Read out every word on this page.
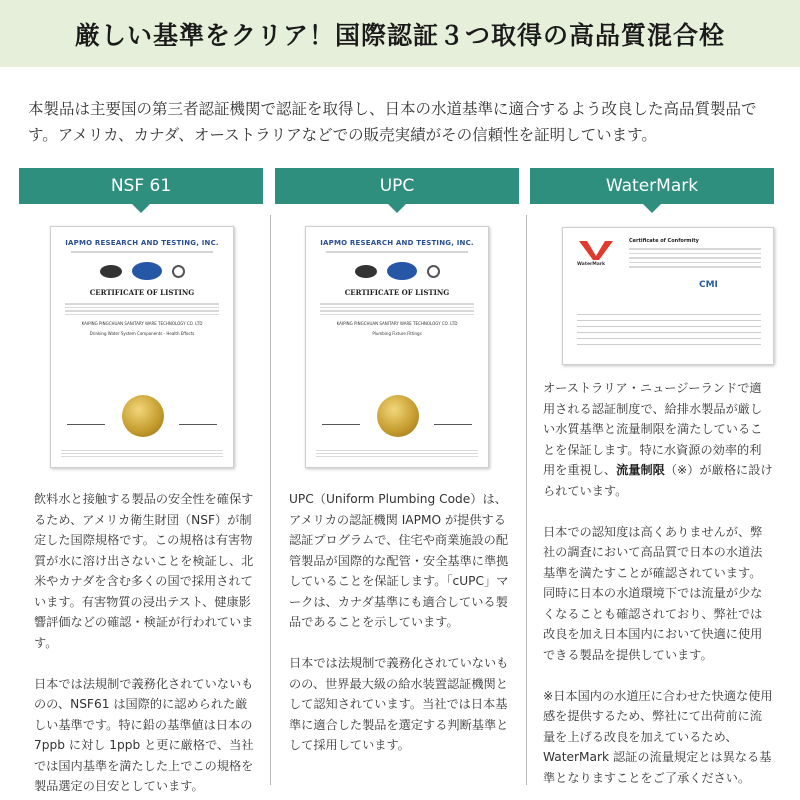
厳しい基準をクリア！国際認証３つ取得の高品質混合栓

本製品は主要国の第三者認証機関で認証を取得し、日本の水道基準に適合するよう改良した高品質製品です。アメリカ、カナダ、オーストラリアなどでの販売実績がその信頼性を証明しています。

NSF 61	UPC	WaterMark
IAPMO RESEARCH AND TESTING, INC.
CERTIFICATE OF LISTING
KAIPING PINGCHUAN SANITARY WARE TECHNOLOGY CO. LTD
Drinking Water System Components - Health Effects
IAPMO RESEARCH AND TESTING, INC.
CERTIFICATE OF LISTING
KAIPING PINGCHUAN SANITARY WARE TECHNOLOGY CO. LTD
Plumbing Fixture Fittings
WaterMark
Certificate of Conformity
CMI

飲料水と接触する製品の安全性を確保するため、アメリカ衛生財団（NSF）が制定した国際規格です。この規格は有害物質が水に溶け出さないことを検証し、北米やカナダを含む多くの国で採用されています。有害物質の浸出テスト、健康影響評価などの確認・検証が行われています。

日本では法規制で義務化されていないものの、NSF61 は国際的に認められた厳しい基準です。特に鉛の基準値は日本の7ppb に対し 1ppb と更に厳格で、当社では国内基準を満たした上でこの規格を製品選定の目安としています。

UPC（Uniform Plumbing Code）は、アメリカの認証機関 IAPMO が提供する認証プログラムで、住宅や商業施設の配管製品が国際的な配管・安全基準に準拠していることを保証します。「cUPC」マークは、カナダ基準にも適合している製品であることを示しています。

日本では法規制で義務化されていないものの、世界最大級の給水装置認証機関として認知されています。当社では日本基準に適合した製品を選定する判断基準として採用しています。

オーストラリア・ニュージーランドで適用される認証制度で、給排水製品が厳しい水質基準と流量制限を満たしていることを保証します。特に水資源の効率的利用を重視し、流量制限（※）が厳格に設けられています。

日本での認知度は高くありませんが、弊社の調査において高品質で日本の水道法基準を満たすことが確認されています。同時に日本の水道環境下では流量が少なくなることも確認されており、弊社では改良を加え日本国内において快適に使用できる製品を提供しています。

※日本国内の水道圧に合わせた快適な使用感を提供するため、弊社にて出荷前に流量を上げる改良を加えているため、WaterMark 認証の流量規定とは異なる基準となりますことをご了承ください。
